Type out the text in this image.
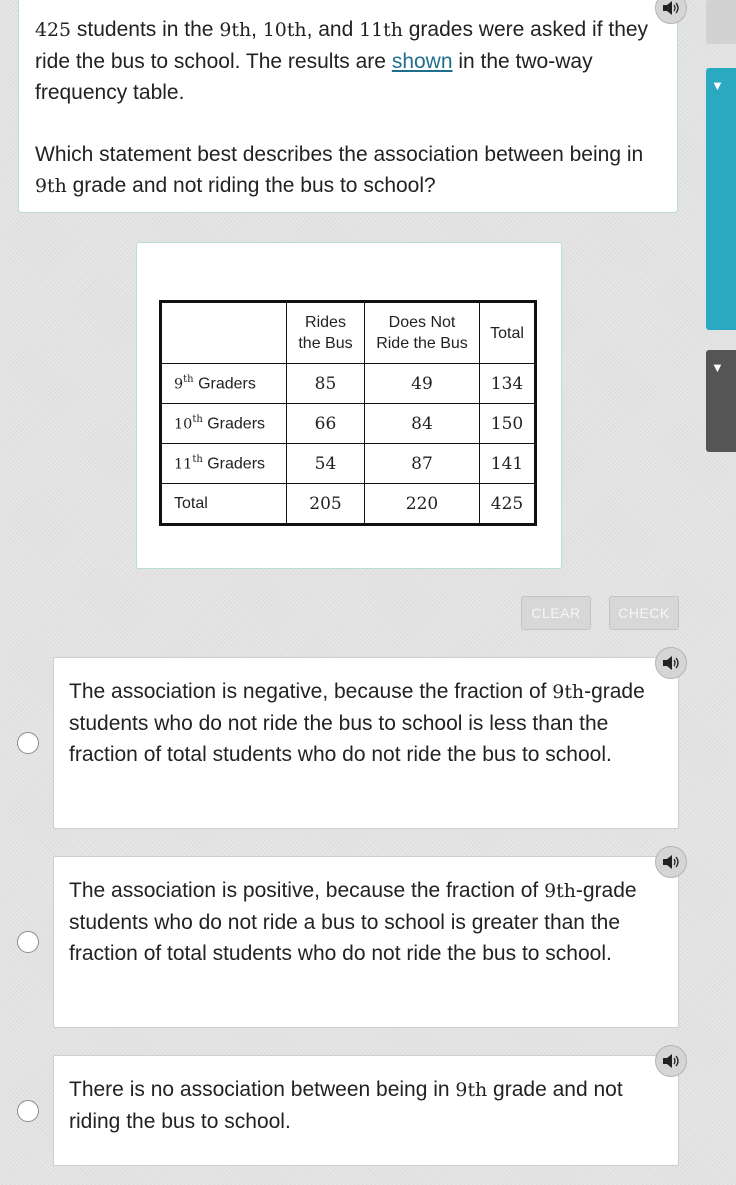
▼
▼

425 students in the 9th, 10th, and 11th grades were asked if they ride the bus to school. The results are shown in the two-way frequency table.

Which statement best describes the association between being in 9th grade and not riding the bus to school?

	Rides the Bus	Does Not Ride the Bus	Total
9th Graders	85	49	134
10th Graders	66	84	150
11th Graders	54	87	141
Total	205	220	425
CLEAR	CHECK
The association is negative, because the fraction of 9th-grade students who do not ride the bus to school is less than the fraction of total students who do not ride the bus to school.
The association is positive, because the fraction of 9th-grade students who do not ride a bus to school is greater than the fraction of total students who do not ride the bus to school.
There is no association between being in 9th grade and not riding the bus to school.
